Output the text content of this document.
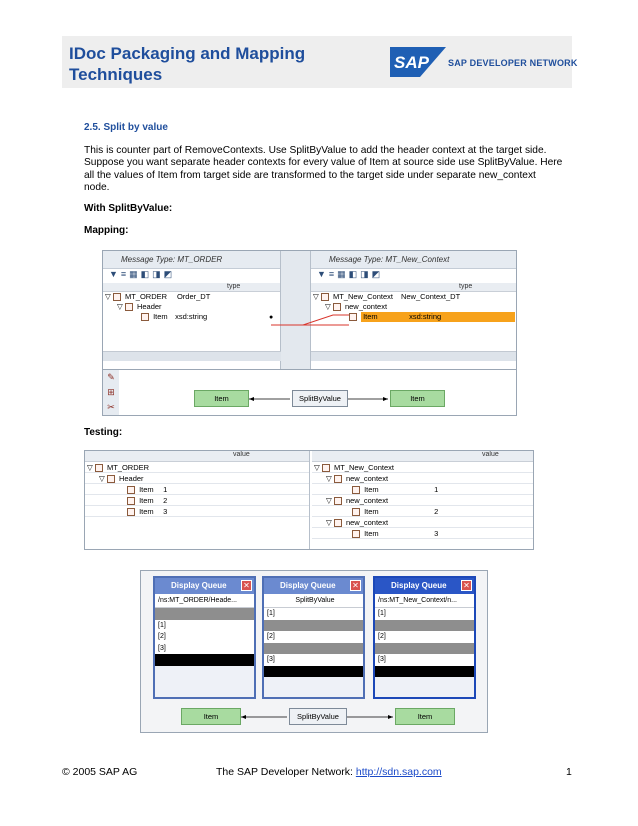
IDoc Packaging and Mapping
Techniques
SAP SAP DEVELOPER NETWORK
2.5. Split by value
This is counter part of RemoveContexts. Use SplitByValue to add the header context at the target side. Suppose you want separate header contexts for every value of Item at source side use SplitByValue. Here all the values of Item from target side are transformed to the target side under separate new_context node.
With SplitByValue:
Mapping:
Message Type: MT_ORDER
▼≡▦◧◨◩
type
▽  MT_ORDER Order_DT
▽  Header
Item xsd:string	●
Message Type: MT_New_Context
▼≡▦◧◨◩
type
▽  MT_New_Context New_Context_DT
▽  new_context
Item	xsd:string
✎
⊞
✂
Item	SplitByValue	Item
Testing:
value
▽  MT_ORDER
▽  Header
Item 1
Item 2
Item 3
value
▽  MT_New_Context
▽  new_context
Item	1
▽  new_context
Item	2
▽  new_context
Item	3
Display Queue	✕
/ns:MT_ORDER/Heade...
[1]
[2]
[3]
Display Queue	✕
SplitByValue
[1]
[2]
[3]
Display Queue	✕
/ns:MT_New_Context/n...
[1]
[2]
[3]
Item	SplitByValue	Item
© 2005 SAP AG	The SAP Developer Network: http://sdn.sap.com	1
